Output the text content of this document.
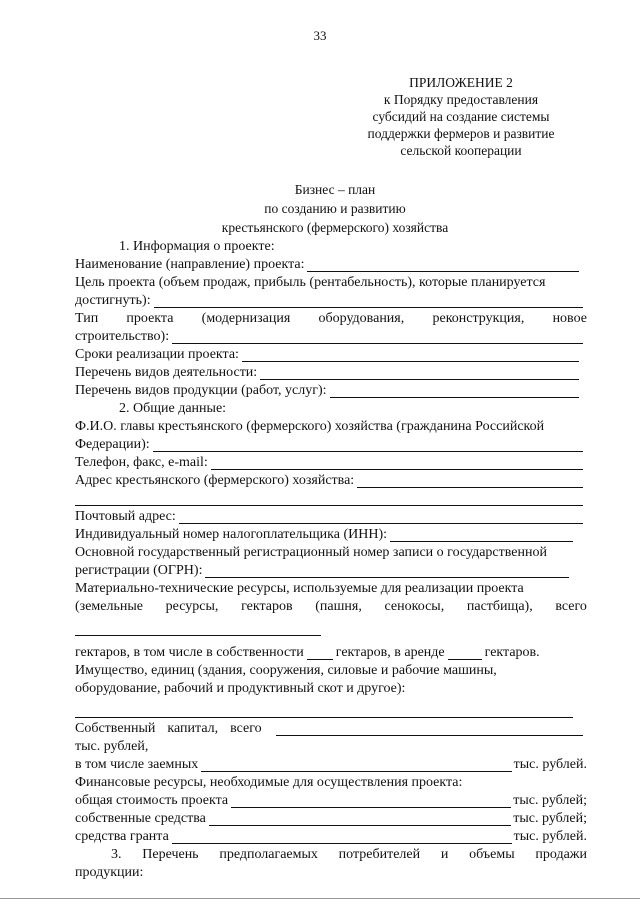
33
ПРИЛОЖЕНИЕ 2
к Порядку предоставления
субсидий на создание системы
поддержки фермеров и развитие
сельской кооперации
Бизнес – план
по созданию и развитию
крестьянского (фермерского) хозяйства
1. Информация о проекте:
Наименование (направление) проекта:
Цель проекта (объем продаж, прибыль (рентабельность), которые планируется
достигнуть):
Тип проекта (модернизация оборудования, реконструкция, новое
строительство):
Сроки реализации проекта:
Перечень видов деятельности:
Перечень видов продукции (работ, услуг):
2. Общие данные:
Ф.И.О. главы крестьянского (фермерского) хозяйства (гражданина Российской
Федерации):
Телефон, факс, e-mail:
Адрес крестьянского (фермерского) хозяйства:
Почтовый адрес:
Индивидуальный номер налогоплательщика (ИНН):
Основной государственный регистрационный номер записи о государственной
регистрации (ОГРН):
Материально-технические ресурсы, используемые для реализации проекта
(земельные ресурсы, гектаров (пашня, сенокосы, пастбища), всего
гектаров, в том числе в собственности гектаров, в аренде	гектаров.
Имущество, единиц (здания, сооружения, силовые и рабочие машины,
оборудование, рабочий и продуктивный скот и другое):
Собственный капитал, всего
тыс. рублей,
в том числе заемных	тыс. рублей.
Финансовые ресурсы, необходимые для осуществления проекта:
общая стоимость проекта	тыс. рублей;
собственные средства	тыс. рублей;
средства гранта	тыс. рублей.
3. Перечень предполагаемых потребителей и объемы продажи
продукции:
